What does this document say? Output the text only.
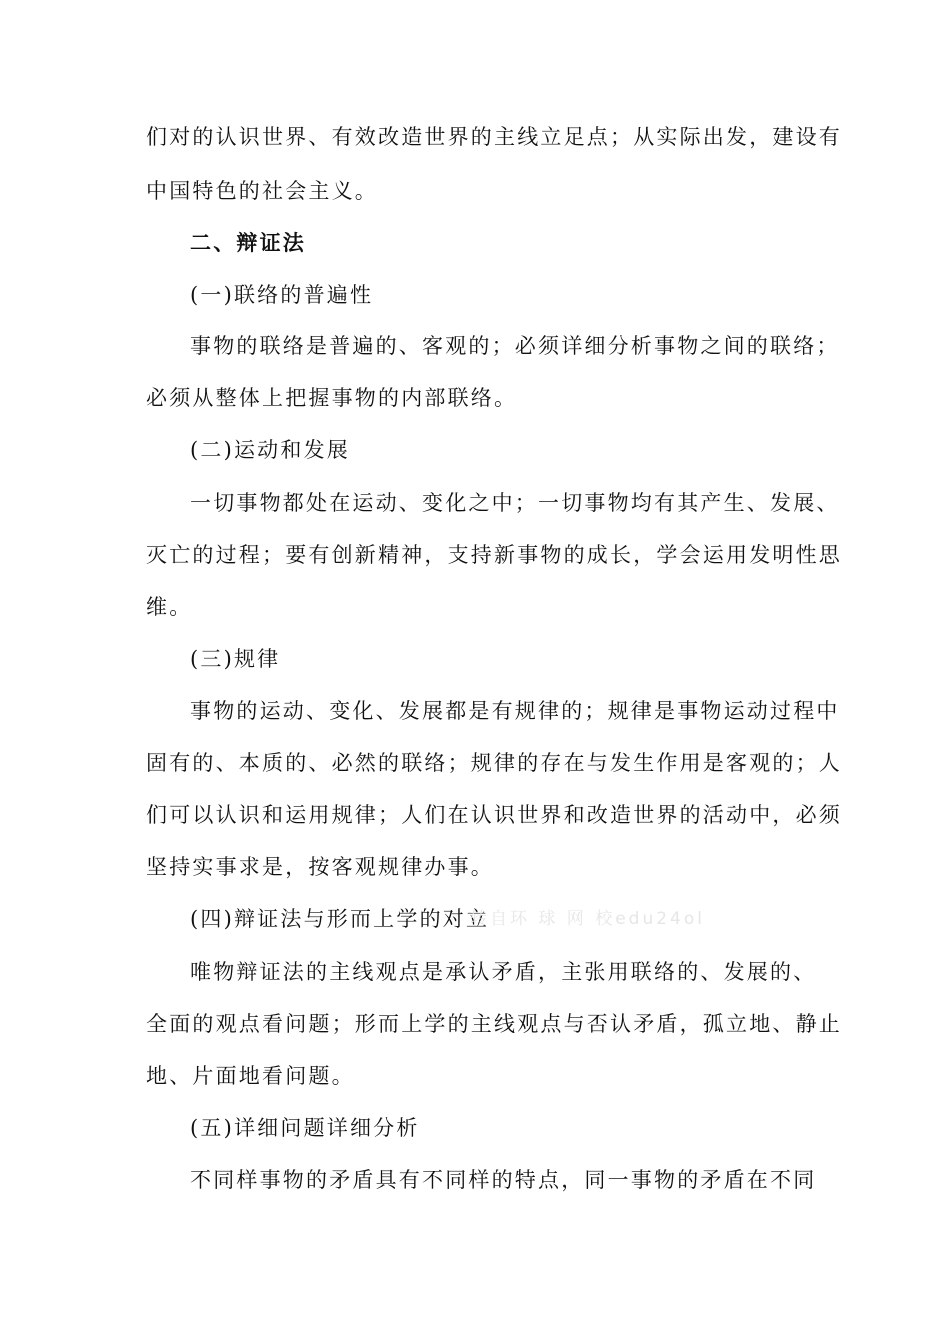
们对的认识世界、有效改造世界的主线立足点；从实际出发，建设有
中国特色的社会主义。
二、辩证法
(一)联络的普遍性
事物的联络是普遍的、客观的；必须详细分析事物之间的联络；
必须从整体上把握事物的内部联络。
(二)运动和发展
一切事物都处在运动、变化之中；一切事物均有其产生、发展、
灭亡的过程；要有创新精神，支持新事物的成长，学会运用发明性思
维。
(三)规律
事物的运动、变化、发展都是有规律的；规律是事物运动过程中
固有的、本质的、必然的联络；规律的存在与发生作用是客观的；人
们可以认识和运用规律；人们在认识世界和改造世界的活动中，必须
坚持实事求是，按客观规律办事。
(四)辩证法与形而上学的对立
唯物辩证法的主线观点是承认矛盾，主张用联络的、发展的、
全面的观点看问题；形而上学的主线观点与否认矛盾，孤立地、静止
地、片面地看问题。
(五)详细问题详细分析
不同样事物的矛盾具有不同样的特点，同一事物的矛盾在不同
转自环 球 网 校edu24ol
